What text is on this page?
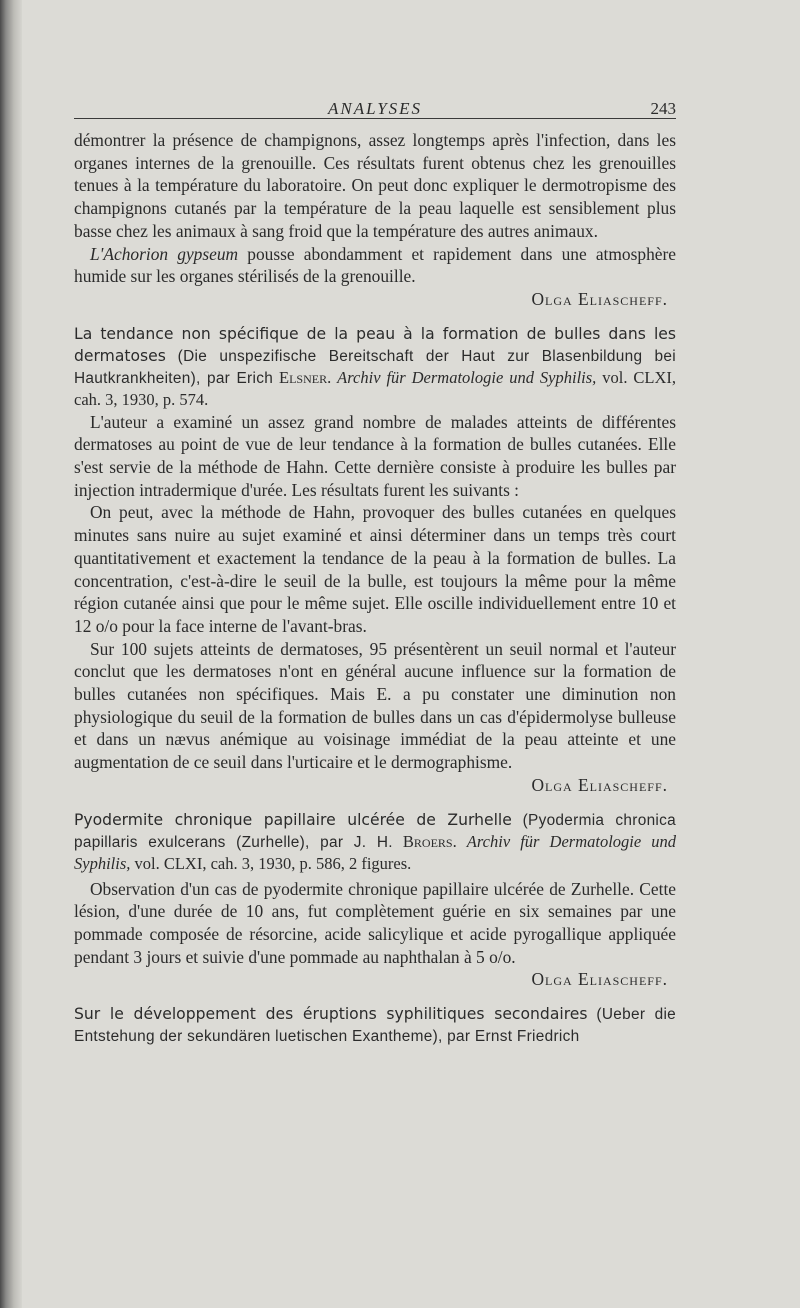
ANALYSES	243

démontrer la présence de champignons, assez longtemps après l'infection, dans les organes internes de la grenouille. Ces résultats furent obtenus chez les grenouilles tenues à la température du laboratoire. On peut donc expliquer le dermotropisme des champignons cutanés par la température de la peau laquelle est sensiblement plus basse chez les animaux à sang froid que la température des autres animaux.

L'Achorion gypseum pousse abondamment et rapidement dans une atmosphère humide sur les organes stérilisés de la grenouille.

Olga Eliascheff.

La tendance non spécifique de la peau à la formation de bulles dans les dermatoses (Die unspezifische Bereitschaft der Haut zur Blasenbildung bei Hautkrankheiten), par Erich Elsner. Archiv für Dermatologie und Syphilis, vol. CLXI, cah. 3, 1930, p. 574.

L'auteur a examiné un assez grand nombre de malades atteints de différentes dermatoses au point de vue de leur tendance à la formation de bulles cutanées. Elle s'est servie de la méthode de Hahn. Cette dernière consiste à produire les bulles par injection intradermique d'urée. Les résultats furent les suivants :

On peut, avec la méthode de Hahn, provoquer des bulles cutanées en quelques minutes sans nuire au sujet examiné et ainsi déterminer dans un temps très court quantitativement et exactement la tendance de la peau à la formation de bulles. La concentration, c'est-à-dire le seuil de la bulle, est toujours la même pour la même région cutanée ainsi que pour le même sujet. Elle oscille individuellement entre 10 et 12 o/o pour la face interne de l'avant-bras.

Sur 100 sujets atteints de dermatoses, 95 présentèrent un seuil normal et l'auteur conclut que les dermatoses n'ont en général aucune influence sur la formation de bulles cutanées non spécifiques. Mais E. a pu constater une diminution non physiologique du seuil de la formation de bulles dans un cas d'épidermolyse bulleuse et dans un nævus anémique au voisinage immédiat de la peau atteinte et une augmentation de ce seuil dans l'urticaire et le dermographisme.

Olga Eliascheff.

Pyodermite chronique papillaire ulcérée de Zurhelle (Pyodermia chronica papillaris exulcerans (Zurhelle), par J. H. Broers. Archiv für Dermatologie und Syphilis, vol. CLXI, cah. 3, 1930, p. 586, 2 figures.

Observation d'un cas de pyodermite chronique papillaire ulcérée de Zurhelle. Cette lésion, d'une durée de 10 ans, fut complètement guérie en six semaines par une pommade composée de résorcine, acide salicylique et acide pyrogallique appliquée pendant 3 jours et suivie d'une pommade au naphthalan à 5 o/o.

Olga Eliascheff.

Sur le développement des éruptions syphilitiques secondaires (Ueber die Entstehung der sekundären luetischen Exantheme), par Ernst Friedrich
